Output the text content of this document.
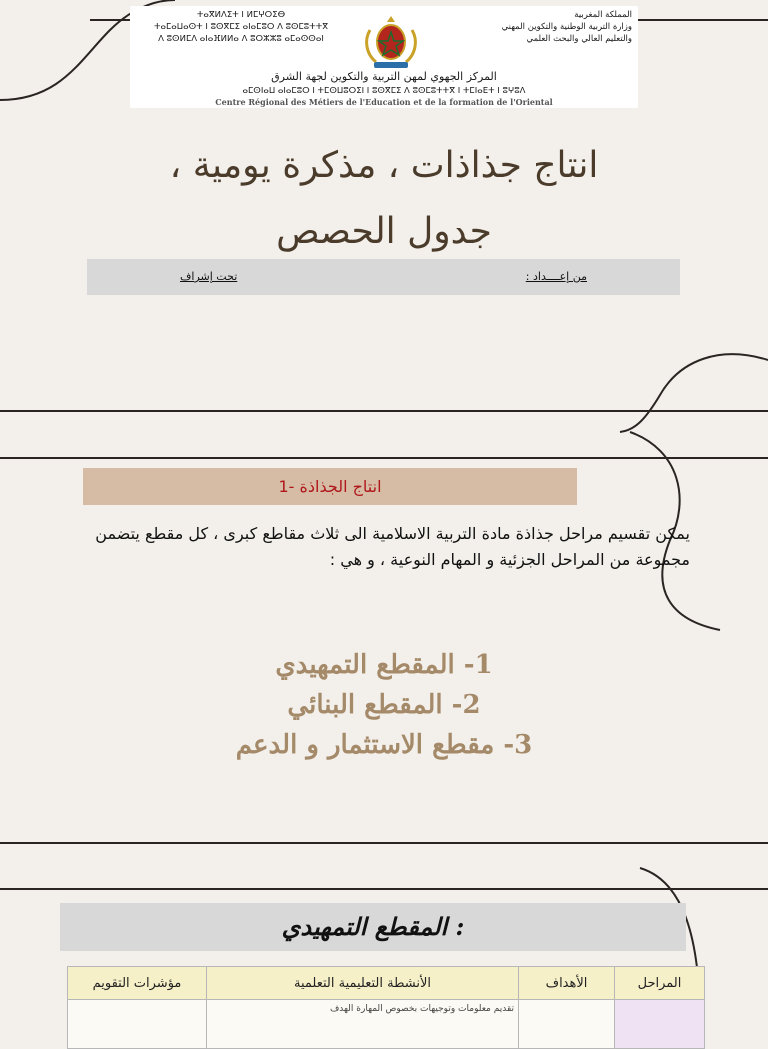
ⵜⴰⴳⵍⴷⵉⵜ ⵏ ⵍⵎⵖⵔⵉⴱ
ⵜⴰⵎⴰⵡⴰⵙⵜ ⵏ ⵓⵙⴳⵎⵉ ⴰⵏⴰⵎⵓⵔ ⴷ ⵓⵙⵎⵓⵜⵜⴳ
ⴷ ⵓⵙⵍⵎⴷ ⴰⵏⴰⴼⵍⵍⴰ ⴷ ⵓⵔⵣⵣⵓ ⴰⵎⴰⵙⵙⴰⵏ
المملكة المغربية
وزارة التربية الوطنية والتكوين المهني
والتعليم العالي والبحث العلمي
المركز الجهوي لمهن التربية والتكوين لجهة الشرق
ⴰⵎⵙⵏⴰⵡ ⴰⵏⴰⵎⵓⵔ ⵏ ⵜⵎⵙⵡⵓⵔⵉⵏ ⵏ ⵓⵙⴳⵎⵉ ⴷ ⵓⵙⵎⵓⵜⵜⴳ ⵏ ⵜⵎⵏⴰⴹⵜ ⵏ ⵓⵖⵓⴷ
Centre Régional des Métiers de l'Education et de la formation de l'Oriental
انتاج جذاذات ، مذكرة يومية ،
جدول الحصص
من إعــــداد :
تحت إشراف
انتاج الجذاذة -1
يمكن تقسيم مراحل جذاذة مادة التربية الاسلامية الى ثلاث مقاطع كبرى ، كل مقطع يتضمن مجموعة من المراحل الجزئية و المهام النوعية ، و هي :
1- المقطع التمهيدي
2- المقطع البنائي
3- مقطع الاستثمار و الدعم
: المقطع التمهيدي
المراحل	الأهداف	الأنشطة التعليمية التعلمية	مؤشرات التقويم
		تقديم معلومات وتوجيهات بخصوص المهارة الهدف	
